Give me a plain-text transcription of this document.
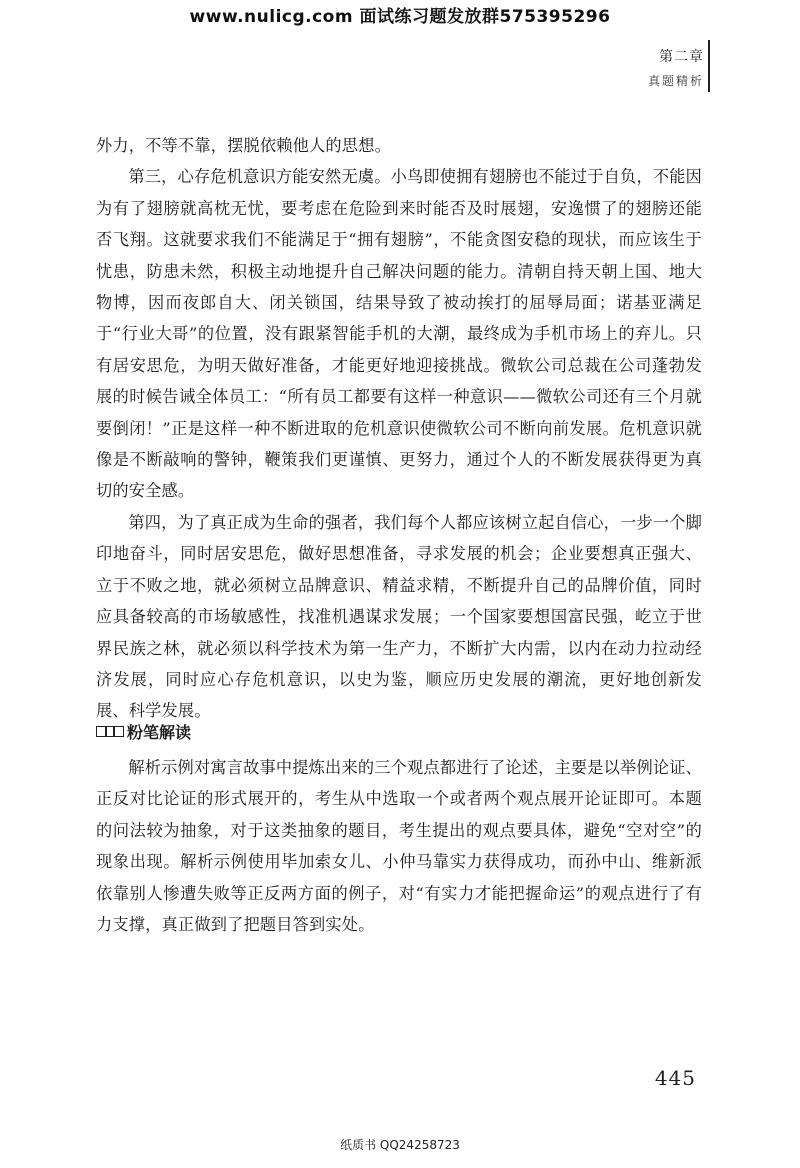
www.nulicg.com 面试练习题发放群575395296
第二章
真题精析

外力，不等不靠，摆脱依赖他人的思想。

第三，心存危机意识方能安然无虞。小鸟即使拥有翅膀也不能过于自负，不能因为有了翅膀就高枕无忧，要考虑在危险到来时能否及时展翅，安逸惯了的翅膀还能否飞翔。这就要求我们不能满足于“拥有翅膀”，不能贪图安稳的现状，而应该生于忧患，防患未然，积极主动地提升自己解决问题的能力。清朝自持天朝上国、地大物博，因而夜郎自大、闭关锁国，结果导致了被动挨打的屈辱局面；诺基亚满足于“行业大哥”的位置，没有跟紧智能手机的大潮，最终成为手机市场上的弃儿。只有居安思危，为明天做好准备，才能更好地迎接挑战。微软公司总裁在公司蓬勃发展的时候告诫全体员工：“所有员工都要有这样一种意识——微软公司还有三个月就要倒闭！”正是这样一种不断进取的危机意识使微软公司不断向前发展。危机意识就像是不断敲响的警钟，鞭策我们更谨慎、更努力，通过个人的不断发展获得更为真切的安全感。

第四，为了真正成为生命的强者，我们每个人都应该树立起自信心，一步一个脚印地奋斗，同时居安思危，做好思想准备，寻求发展的机会；企业要想真正强大、立于不败之地，就必须树立品牌意识、精益求精，不断提升自己的品牌价值，同时应具备较高的市场敏感性，找准机遇谋求发展；一个国家要想国富民强，屹立于世界民族之林，就必须以科学技术为第一生产力，不断扩大内需，以内在动力拉动经济发展，同时应心存危机意识，以史为鉴，顺应历史发展的潮流，更好地创新发展、科学发展。

粉笔解读

解析示例对寓言故事中提炼出来的三个观点都进行了论述，主要是以举例论证、正反对比论证的形式展开的，考生从中选取一个或者两个观点展开论证即可。本题的问法较为抽象，对于这类抽象的题目，考生提出的观点要具体，避免“空对空”的现象出现。解析示例使用毕加索女儿、小仲马靠实力获得成功，而孙中山、维新派依靠别人惨遭失败等正反两方面的例子，对“有实力才能把握命运”的观点进行了有力支撑，真正做到了把题目答到实处。

445
纸质书 QQ24258723
